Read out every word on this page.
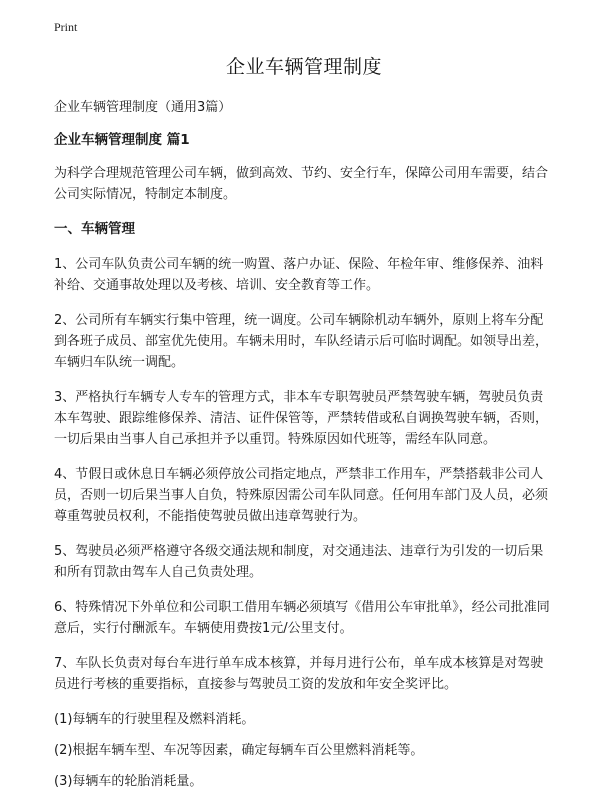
Print
企业车辆管理制度

企业车辆管理制度（通用3篇）

企业车辆管理制度 篇1

为科学合理规范管理公司车辆，做到高效、节约、安全行车，保障公司用车需要，结合公司实际情况，特制定本制度。

一、车辆管理

1、公司车队负责公司车辆的统一购置、落户办证、保险、年检年审、维修保养、油料补给、交通事故处理以及考核、培训、安全教育等工作。

2、公司所有车辆实行集中管理，统一调度。公司车辆除机动车辆外，原则上将车分配到各班子成员、部室优先使用。车辆未用时，车队经请示后可临时调配。如领导出差，车辆归车队统一调配。

3、严格执行车辆专人专车的管理方式，非本车专职驾驶员严禁驾驶车辆，驾驶员负责本车驾驶、跟踪维修保养、清洁、证件保管等，严禁转借或私自调换驾驶车辆，否则，一切后果由当事人自己承担并予以重罚。特殊原因如代班等，需经车队同意。

4、节假日或休息日车辆必须停放公司指定地点，严禁非工作用车，严禁搭载非公司人员，否则一切后果当事人自负，特殊原因需公司车队同意。任何用车部门及人员，必须尊重驾驶员权利，不能指使驾驶员做出违章驾驶行为。

5、驾驶员必须严格遵守各级交通法规和制度，对交通违法、违章行为引发的一切后果和所有罚款由驾车人自己负责处理。

6、特殊情况下外单位和公司职工借用车辆必须填写《借用公车审批单》，经公司批准同意后，实行付酬派车。车辆使用费按1元/公里支付。

7、车队长负责对每台车进行单车成本核算，并每月进行公布，单车成本核算是对驾驶员进行考核的重要指标，直接参与驾驶员工资的发放和年安全奖评比。

(1)每辆车的行驶里程及燃料消耗。

(2)根据车辆车型、车况等因素，确定每辆车百公里燃料消耗等。

(3)每辆车的轮胎消耗量。
